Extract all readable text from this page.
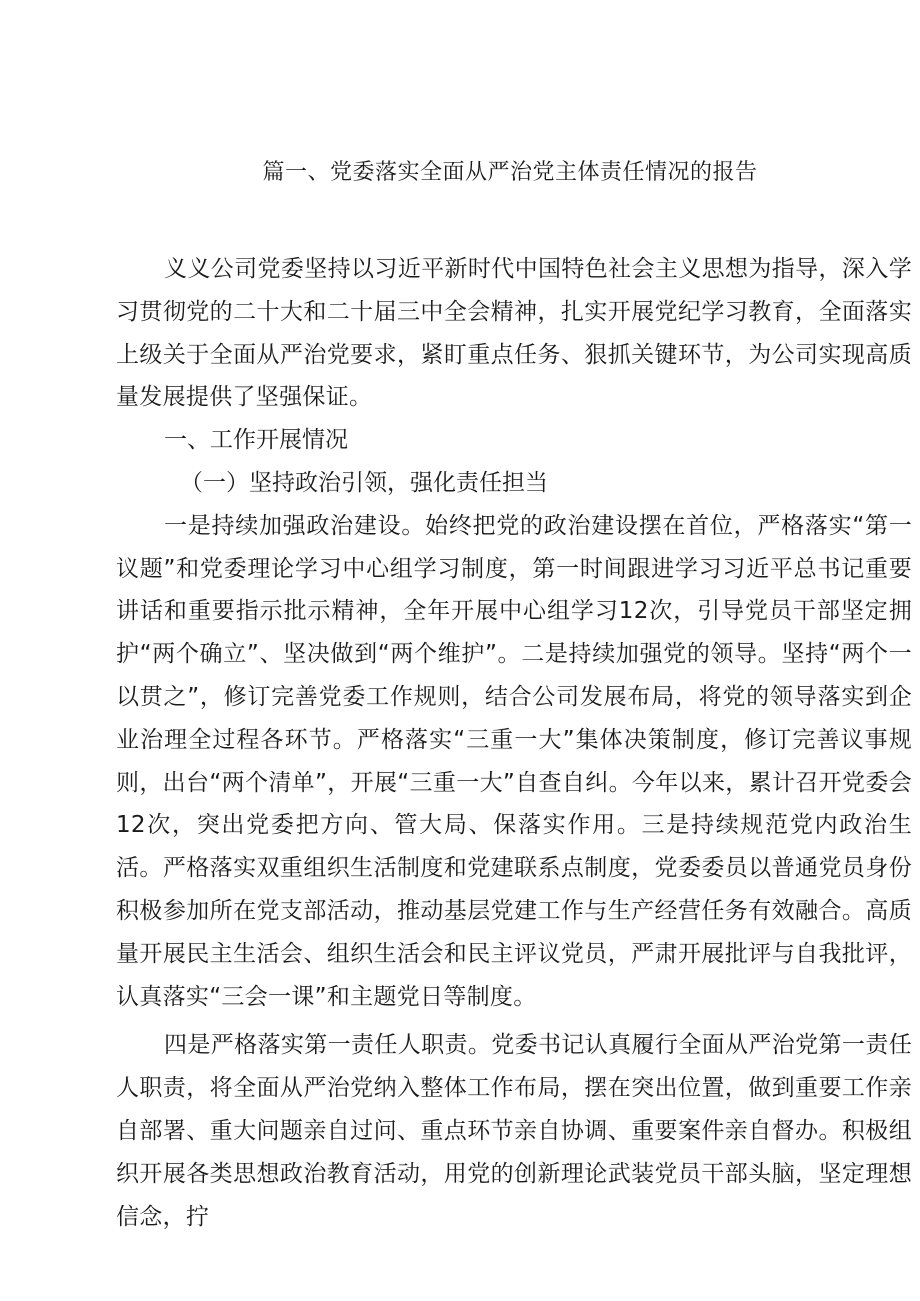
篇一、党委落实全面从严治党主体责任情况的报告

义义公司党委坚持以习近平新时代中国特色社会主义思想为指导，深入学习贯彻党的二十大和二十届三中全会精神，扎实开展党纪学习教育，全面落实上级关于全面从严治党要求，紧盯重点任务、狠抓关键环节，为公司实现高质量发展提供了坚强保证。

一、工作开展情况

（一）坚持政治引领，强化责任担当

一是持续加强政治建设。始终把党的政治建设摆在首位，严格落实“第一议题”和党委理论学习中心组学习制度，第一时间跟进学习习近平总书记重要讲话和重要指示批示精神，全年开展中心组学习12次，引导党员干部坚定拥护“两个确立”、坚决做到“两个维护”。二是持续加强党的领导。坚持“两个一以贯之”，修订完善党委工作规则，结合公司发展布局，将党的领导落实到企业治理全过程各环节。严格落实“三重一大”集体决策制度，修订完善议事规则，出台“两个清单”，开展“三重一大”自查自纠。今年以来，累计召开党委会12次，突出党委把方向、管大局、保落实作用。三是持续规范党内政治生活。严格落实双重组织生活制度和党建联系点制度，党委委员以普通党员身份积极参加所在党支部活动，推动基层党建工作与生产经营任务有效融合。高质量开展民主生活会、组织生活会和民主评议党员，严肃开展批评与自我批评，认真落实“三会一课”和主题党日等制度。

四是严格落实第一责任人职责。党委书记认真履行全面从严治党第一责任人职责，将全面从严治党纳入整体工作布局，摆在突出位置，做到重要工作亲自部署、重大问题亲自过问、重点环节亲自协调、重要案件亲自督办。积极组织开展各类思想政治教育活动，用党的创新理论武装党员干部头脑，坚定理想信念，拧
